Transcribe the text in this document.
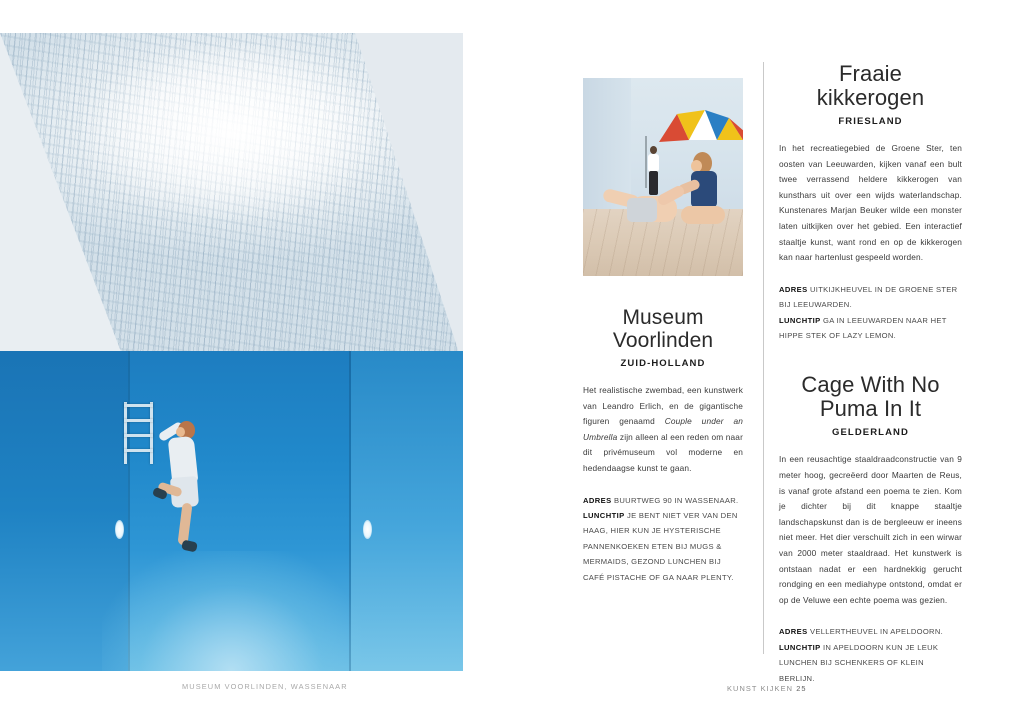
MUSEUM VOORLINDEN, WASSENAAR
Museum
Voorlinden
ZUID-HOLLAND

Het realistische zwembad, een kunstwerk van Leandro Erlich, en de gigantische figuren genaamd Couple under an Umbrella zijn alleen al een reden om naar dit privémuseum vol moderne en hedendaagse kunst te gaan.

ADRES BUURTWEG 90 IN WASSENAAR.
LUNCHTIP JE BENT NIET VER VAN DEN HAAG, HIER KUN JE HYSTERISCHE PANNENKOEKEN ETEN BIJ MUGS & MERMAIDS, GEZOND LUNCHEN BIJ CAFÉ PISTACHE OF GA NAAR PLENTY.

Fraaie
kikkerogen
FRIESLAND

In het recreatiegebied de Groene Ster, ten oosten van Leeuwarden, kijken vanaf een bult twee verrassend heldere kikkerogen van kunsthars uit over een wijds waterlandschap. Kunstenares Marjan Beuker wilde een monster laten uitkijken over het gebied. Een interactief staaltje kunst, want rond en op de kikkerogen kan naar hartenlust gespeeld worden.

ADRES UITKIJKHEUVEL IN DE GROENE STER BIJ LEEUWARDEN.
LUNCHTIP GA IN LEEUWARDEN NAAR HET HIPPE STEK OF LAZY LEMON.

Cage With No
Puma In It
GELDERLAND

In een reusachtige staaldraadconstructie van 9 meter hoog, gecreëerd door Maarten de Reus, is vanaf grote afstand een poema te zien. Kom je dichter bij dit knappe staaltje landschapskunst dan is de bergleeuw er ineens niet meer. Het dier verschuilt zich in een wirwar van 2000 meter staaldraad. Het kunstwerk is ontstaan nadat er een hardnekkig gerucht rondging en een mediahype ontstond, omdat er op de Veluwe een echte poema was gezien.

ADRES VELLERTHEUVEL IN APELDOORN.
LUNCHTIP IN APELDOORN KUN JE LEUK LUNCHEN BIJ SCHENKERS OF KLEIN BERLIJN.

KUNST KIJKEN 25
